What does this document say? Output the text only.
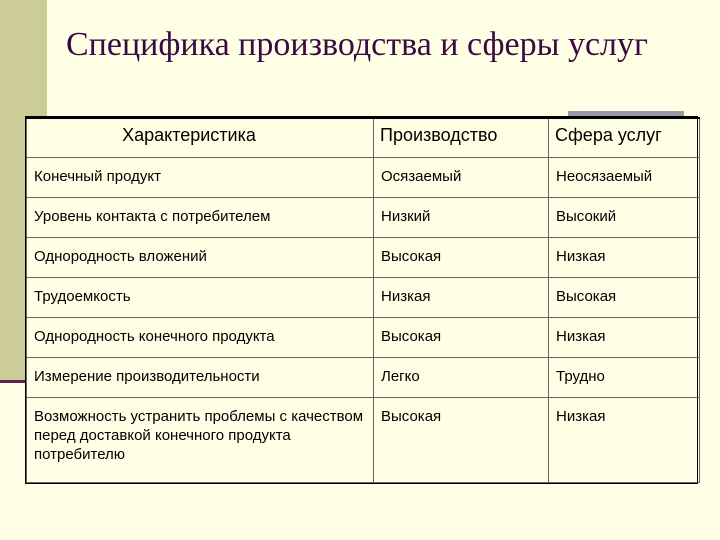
Специфика производства и сферы услуг
Характеристика	Производство	Сфера услуг
Конечный продукт	Осязаемый	Неосязаемый
Уровень контакта с потребителем	Низкий	Высокий
Однородность вложений	Высокая	Низкая
Трудоемкость	Низкая	Высокая
Однородность конечного продукта	Высокая	Низкая
Измерение производительности	Легко	Трудно
Возможность устранить проблемы с качеством перед доставкой конечного продукта потребителю	Высокая	Низкая
